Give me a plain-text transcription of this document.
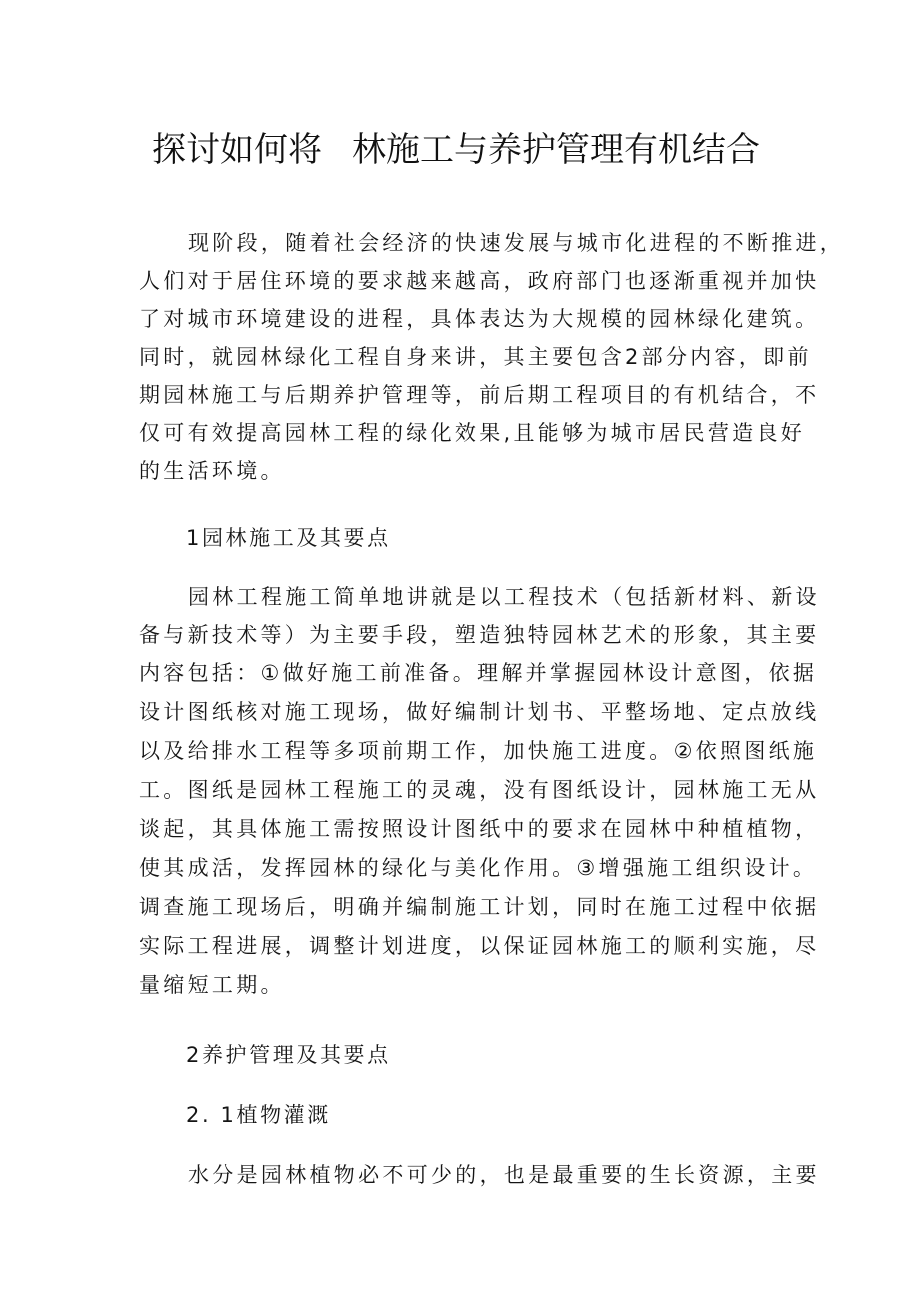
探讨如何将 林施工与养护管理有机结合
现阶段，随着社会经济的快速发展与城市化进程的不断推进，
人们对于居住环境的要求越来越高，政府部门也逐渐重视并加快
了对城市环境建设的进程，具体表达为大规模的园林绿化建筑。
同时，就园林绿化工程自身来讲，其主要包含2部分内容，即前
期园林施工与后期养护管理等，前后期工程项目的有机结合，不
仅可有效提高园林工程的绿化效果,且能够为城市居民营造良好
的生活环境。
1园林施工及其要点
园林工程施工简单地讲就是以工程技术（包括新材料、新设
备与新技术等）为主要手段，塑造独特园林艺术的形象，其主要
内容包括：①做好施工前准备。理解并掌握园林设计意图，依据
设计图纸核对施工现场，做好编制计划书、平整场地、定点放线
以及给排水工程等多项前期工作，加快施工进度。②依照图纸施
工。图纸是园林工程施工的灵魂，没有图纸设计，园林施工无从
谈起，其具体施工需按照设计图纸中的要求在园林中种植植物，
使其成活，发挥园林的绿化与美化作用。③增强施工组织设计。
调查施工现场后，明确并编制施工计划，同时在施工过程中依据
实际工程进展，调整计划进度，以保证园林施工的顺利实施，尽
量缩短工期。
2养护管理及其要点
2. 1植物灌溉
水分是园林植物必不可少的，也是最重要的生长资源，主要
